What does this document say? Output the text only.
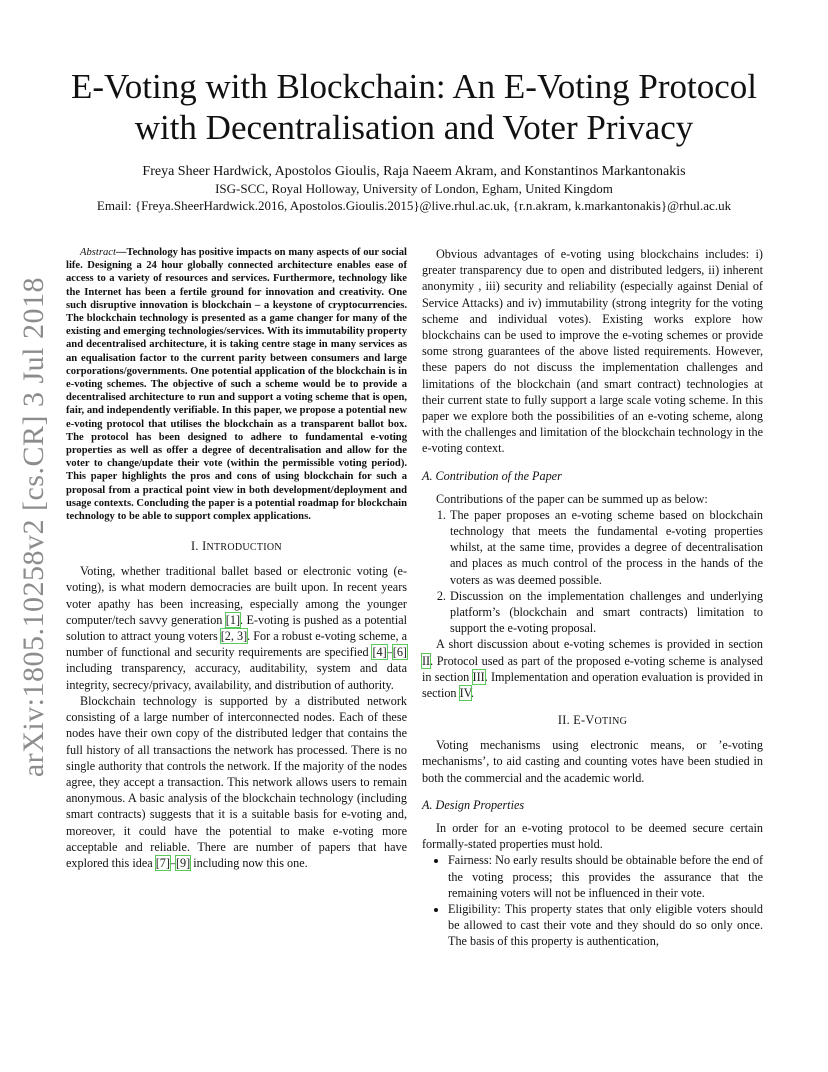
arXiv:1805.10258v2 [cs.CR] 3 Jul 2018
E-Voting with Blockchain: An E-Voting Protocol with Decentralisation and Voter Privacy
Freya Sheer Hardwick, Apostolos Gioulis, Raja Naeem Akram, and Konstantinos Markantonakis
ISG-SCC, Royal Holloway, University of London, Egham, United Kingdom
Email: {Freya.SheerHardwick.2016, Apostolos.Gioulis.2015}@live.rhul.ac.uk, {r.n.akram, k.markantonakis}@rhul.ac.uk

Abstract—Technology has positive impacts on many aspects of our social life. Designing a 24 hour globally connected architecture enables ease of access to a variety of resources and services. Furthermore, technology like the Internet has been a fertile ground for innovation and creativity. One such disruptive innovation is blockchain – a keystone of cryptocurrencies. The blockchain technology is presented as a game changer for many of the existing and emerging technologies/services. With its immutability property and decentralised architecture, it is taking centre stage in many services as an equalisation factor to the current parity between consumers and large corporations/governments. One potential application of the blockchain is in e-voting schemes. The objective of such a scheme would be to provide a decentralised architecture to run and support a voting scheme that is open, fair, and independently verifiable. In this paper, we propose a potential new e-voting protocol that utilises the blockchain as a transparent ballot box. The protocol has been designed to adhere to fundamental e-voting properties as well as offer a degree of decentralisation and allow for the voter to change/update their vote (within the permissible voting period). This paper highlights the pros and cons of using blockchain for such a proposal from a practical point view in both development/deployment and usage contexts. Concluding the paper is a potential roadmap for blockchain technology to be able to support complex applications.

I. INTRODUCTION

Voting, whether traditional ballet based or electronic voting (e-voting), is what modern democracies are built upon. In recent years voter apathy has been increasing, especially among the younger computer/tech savvy generation [1]. E-voting is pushed as a potential solution to attract young voters [2, 3]. For a robust e-voting scheme, a number of functional and security requirements are specified [4]–[6] including transparency, accuracy, auditability, system and data integrity, secrecy/privacy, availability, and distribution of authority.

Blockchain technology is supported by a distributed network consisting of a large number of interconnected nodes. Each of these nodes have their own copy of the distributed ledger that contains the full history of all transactions the network has processed. There is no single authority that controls the network. If the majority of the nodes agree, they accept a transaction. This network allows users to remain anonymous. A basic analysis of the blockchain technology (including smart contracts) suggests that it is a suitable basis for e-voting and, moreover, it could have the potential to make e-voting more acceptable and reliable. There are number of papers that have explored this idea [7]–[9] including now this one.

Obvious advantages of e-voting using blockchains includes: i) greater transparency due to open and distributed ledgers, ii) inherent anonymity , iii) security and reliability (especially against Denial of Service Attacks) and iv) immutability (strong integrity for the voting scheme and individual votes). Existing works explore how blockchains can be used to improve the e-voting schemes or provide some strong guarantees of the above listed requirements. However, these papers do not discuss the implementation challenges and limitations of the blockchain (and smart contract) technologies at their current state to fully support a large scale voting scheme. In this paper we explore both the possibilities of an e-voting scheme, along with the challenges and limitation of the blockchain technology in the e-voting context.

A. Contribution of the Paper

Contributions of the paper can be summed up as below:

1. The paper proposes an e-voting scheme based on blockchain technology that meets the fundamental e-voting properties whilst, at the same time, provides a degree of decentralisation and places as much control of the process in the hands of the voters as was deemed possible.
2. Discussion on the implementation challenges and underlying platform’s (blockchain and smart contracts) limitation to support the e-voting proposal.

A short discussion about e-voting schemes is provided in section II. Protocol used as part of the proposed e-voting scheme is analysed in section III. Implementation and operation evaluation is provided in section IV.

II. E-VOTING

Voting mechanisms using electronic means, or ’e-voting mechanisms’, to aid casting and counting votes have been studied in both the commercial and the academic world.

A. Design Properties

In order for an e-voting protocol to be deemed secure certain formally-stated properties must hold.

• Fairness: No early results should be obtainable before the end of the voting process; this provides the assurance that the remaining voters will not be influenced in their vote.
• Eligibility: This property states that only eligible voters should be allowed to cast their vote and they should do so only once. The basis of this property is authentication,
